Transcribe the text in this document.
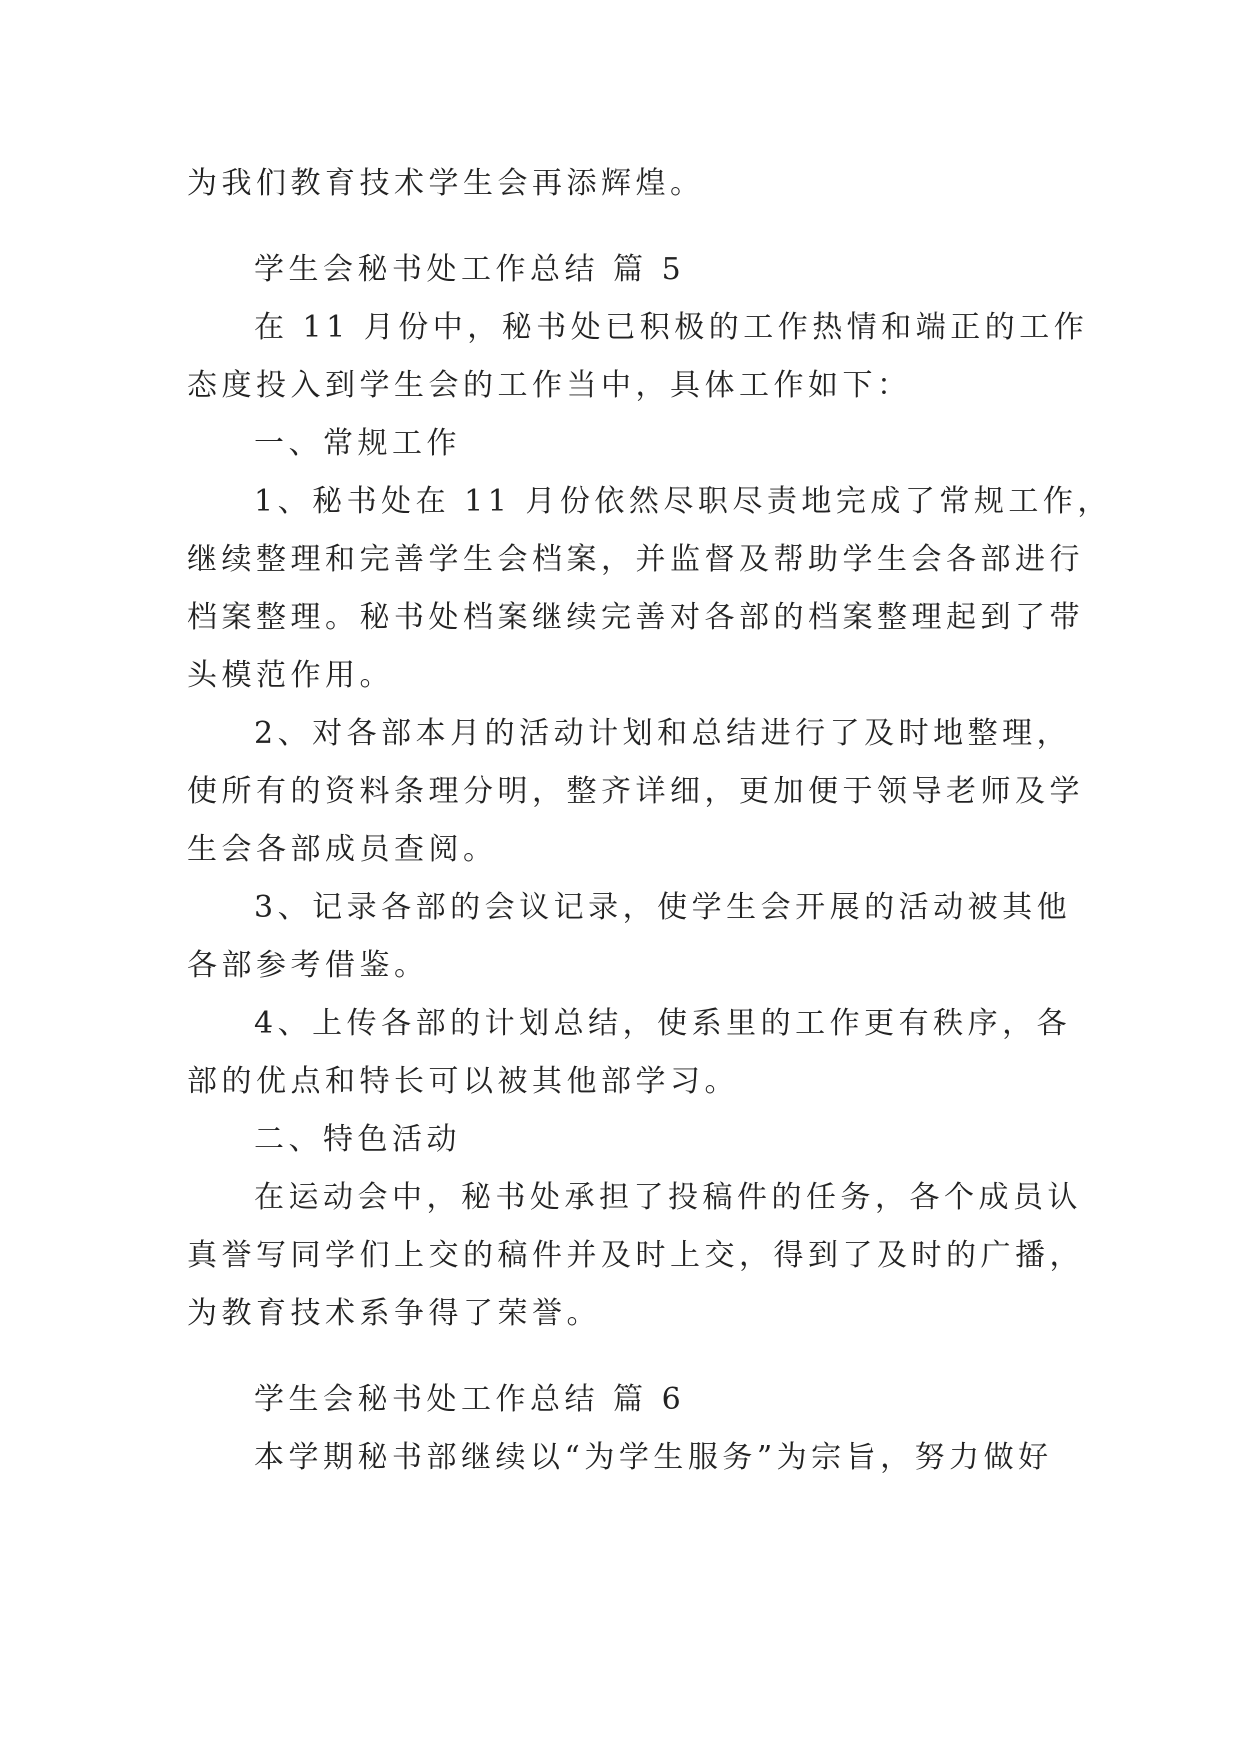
为我们教育技术学生会再添辉煌。

学生会秘书处工作总结 篇 5

在 11 月份中，秘书处已积极的工作热情和端正的工作

态度投入到学生会的工作当中，具体工作如下：

一、常规工作

1、秘书处在 11 月份依然尽职尽责地完成了常规工作，

继续整理和完善学生会档案，并监督及帮助学生会各部进行

档案整理。秘书处档案继续完善对各部的档案整理起到了带

头模范作用。

2、对各部本月的活动计划和总结进行了及时地整理，

使所有的资料条理分明，整齐详细，更加便于领导老师及学

生会各部成员查阅。

3、记录各部的会议记录，使学生会开展的活动被其他

各部参考借鉴。

4、上传各部的计划总结，使系里的工作更有秩序，各

部的优点和特长可以被其他部学习。

二、特色活动

在运动会中，秘书处承担了投稿件的任务，各个成员认

真誉写同学们上交的稿件并及时上交，得到了及时的广播，

为教育技术系争得了荣誉。

学生会秘书处工作总结 篇 6

本学期秘书部继续以“为学生服务”为宗旨，努力做好
